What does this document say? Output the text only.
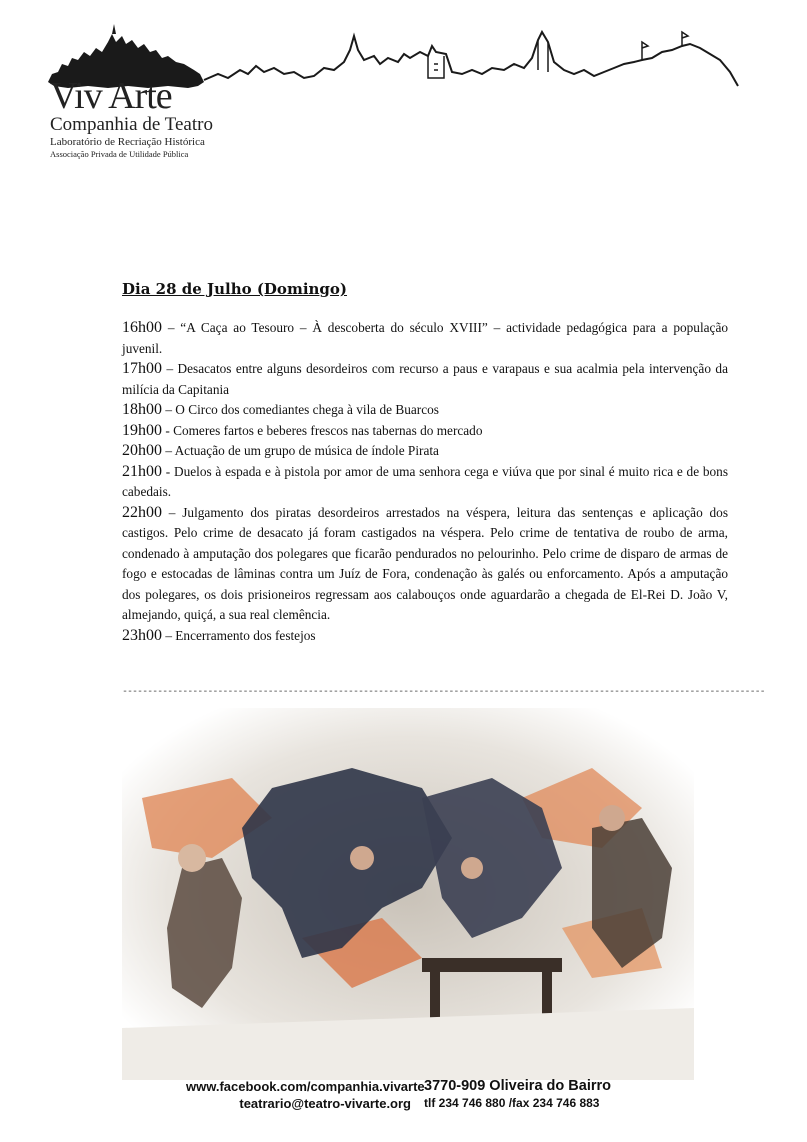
Viv Arte
Companhia de Teatro
Laboratório de Recriação Histórica
Associação Privada de Utilidade Pública
Dia 28 de Julho (Domingo)

16h00 – “A Caça ao Tesouro – À descoberta do século XVIII” – actividade pedagógica para a população juvenil.

17h00 – Desacatos entre alguns desordeiros com recurso a paus e varapaus e sua acalmia pela intervenção da milícia da Capitania

18h00 – O Circo dos comediantes chega à vila de Buarcos

19h00 - Comeres fartos e beberes frescos nas tabernas do mercado

20h00 – Actuação de um grupo de música de índole Pirata

21h00 - Duelos à espada e à pistola por amor de uma senhora cega e viúva que por sinal é muito rica e de bons cabedais.

22h00 – Julgamento dos piratas desordeiros arrestados na véspera, leitura das sentenças e aplicação dos castigos. Pelo crime de desacato já foram castigados na véspera. Pelo crime de tentativa de roubo de arma, condenado à amputação dos polegares que ficarão pendurados no pelourinho. Pelo crime de disparo de armas de fogo e estocadas de lâminas contra um Juíz de Fora, condenação às galés ou enforcamento. Após a amputação dos polegares, os dois prisioneiros regressam aos calabouços onde aguardarão a chegada de El-Rei D. João V, almejando, quiçá, a sua real clemência.

23h00 – Encerramento dos festejos

--------------------------------------------------------------------------------------------------------------------------------
www.facebook.com/companhia.vivarte
teatrario@teatro-vivarte.org
3770-909 Oliveira do Bairro
tlf 234 746 880 /fax 234 746 883
